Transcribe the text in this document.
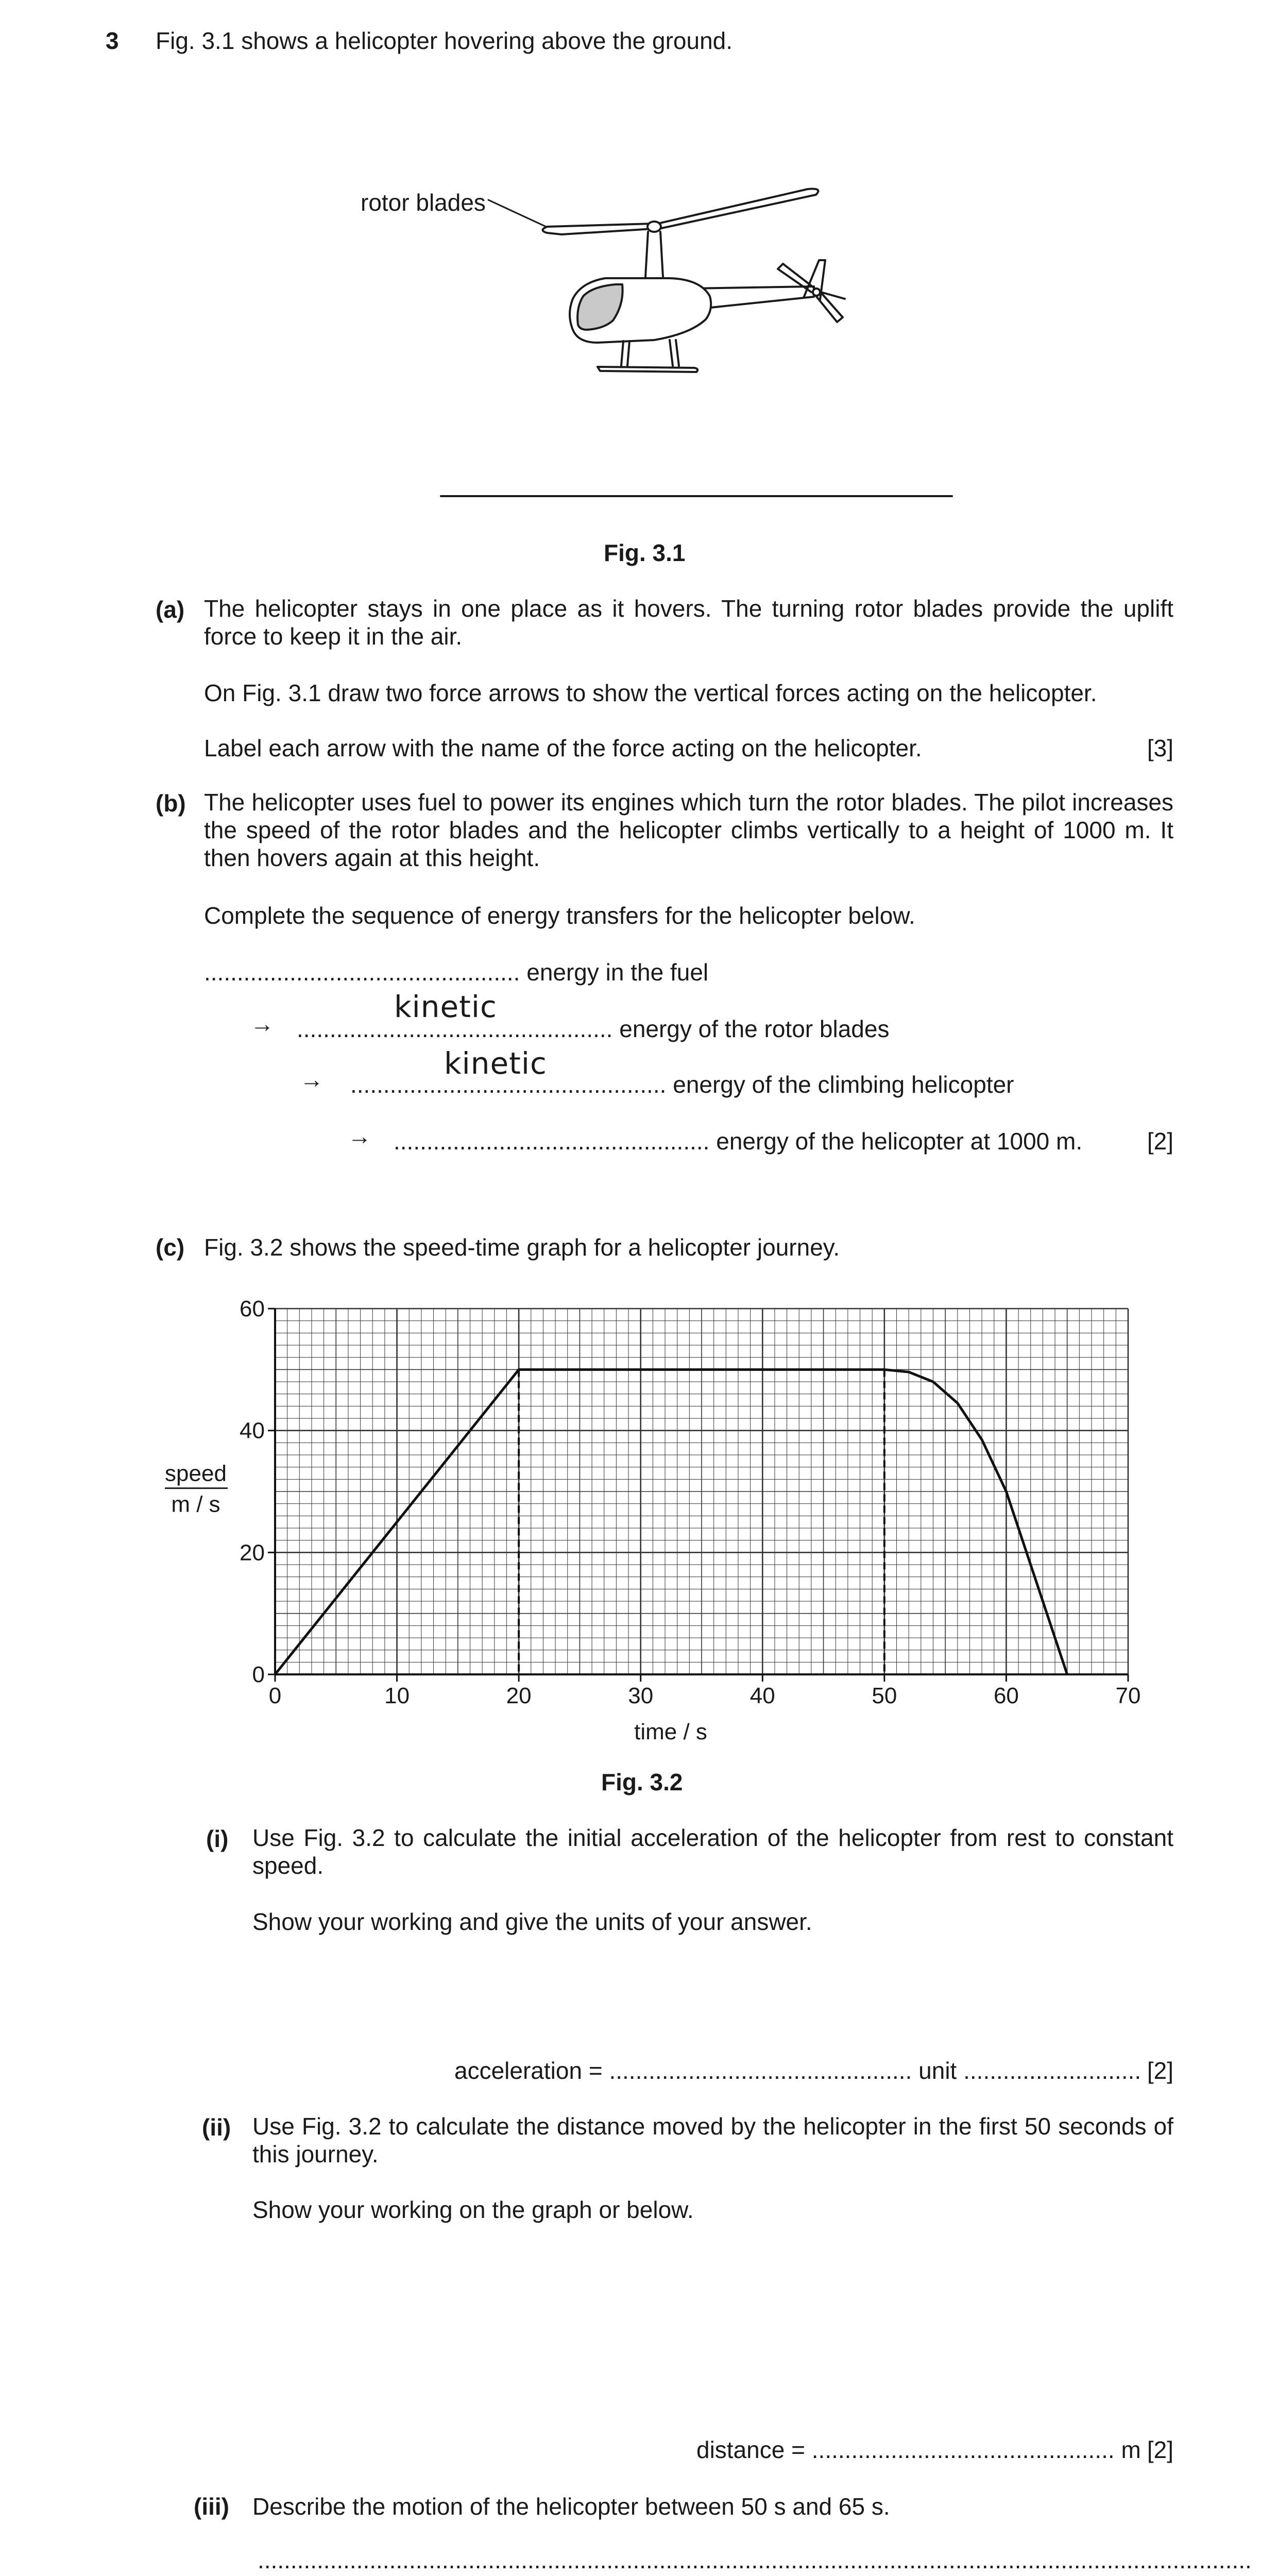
3 Fig. 3.1 shows a helicopter hovering above the ground.
rotor blades
Fig. 3.1
(a) The helicopter stays in one place as it hovers. The turning rotor blades provide the uplift force to keep it in the air.
On Fig. 3.1 draw two force arrows to show the vertical forces acting on the helicopter.
Label each arrow with the name of the force acting on the helicopter.	[3]
(b) The helicopter uses fuel to power its engines which turn the rotor blades. The pilot increases the speed of the rotor blades and the helicopter climbs vertically to a height of 1000 m. It then hovers again at this height.
Complete the sequence of energy transfers for the helicopter below.
................................................ energy in the fuel
→	kinetic
................................................ energy of the rotor blades
→	kinetic
................................................ energy of the climbing helicopter
→ ................................................ energy of the helicopter at 1000 m.	[2]
(c) Fig. 3.2 shows the speed-time graph for a helicopter journey.
0	10	20	30	40	50	60	70
0
20
40
60
time / s
speed
m / s
Fig. 3.2
(i) Use Fig. 3.2 to calculate the initial acceleration of the helicopter from rest to constant speed.
Show your working and give the units of your answer.
acceleration = .............................................. unit ........................... [2]
(ii) Use Fig. 3.2 to calculate the distance moved by the helicopter in the first 50 seconds of this journey.
Show your working on the graph or below.
distance = .............................................. m [2]
(iii) Describe the motion of the helicopter between 50 s and 65 s.
.......................................................................................................................................................
